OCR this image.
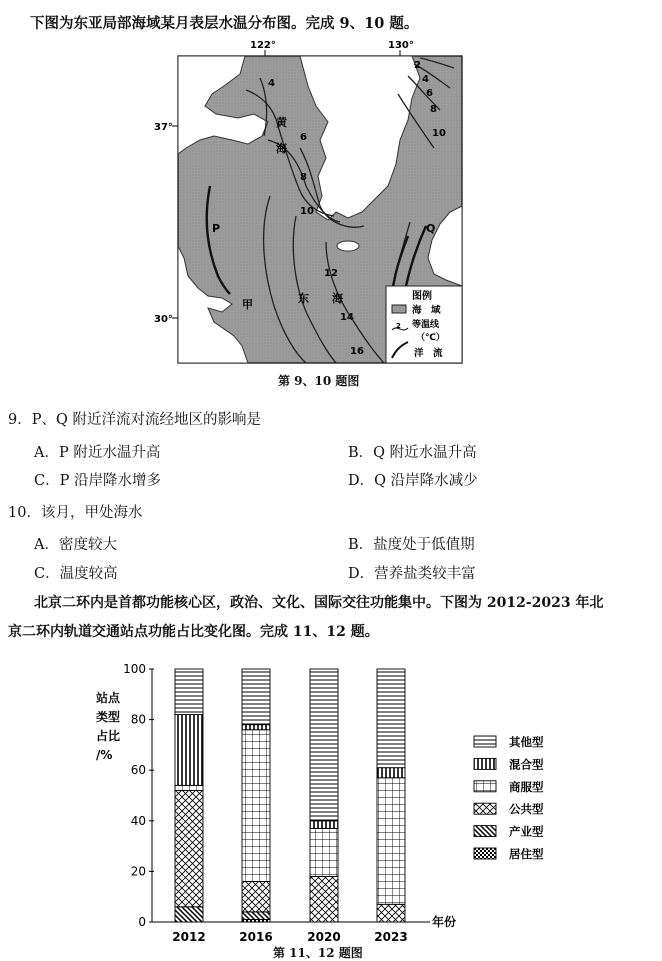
下图为东亚局部海域某月表层水温分布图。完成 9、10 题。
122°	130°
2
4
6
8
10
4
6
8
10
12
14
16
黄
海
东 海
P	Q
甲
37°
30°
图例
海　域
2 等温线
（℃）
洋　流
第 9、10 题图
9．P、Q 附近洋流对流经地区的影响是
A．P 附近水温升高	B．Q 附近水温升高
C．P 沿岸降水增多	D．Q 沿岸降水减少
10．该月，甲处海水
A．密度较大	B．盐度处于低值期
C．温度较高	D．营养盐类较丰富
北京二环内是首都功能核心区，政治、文化、国际交往功能集中。下图为 2012-2023 年北
京二环内轨道交通站点功能占比变化图。完成 11、12 题。
0
20
40
60
80
100
站点
类型
占比
/%
年份
2012	2016	2020	2023
其他型
混合型
商服型
公共型
产业型
居住型
第 11、12 题图
